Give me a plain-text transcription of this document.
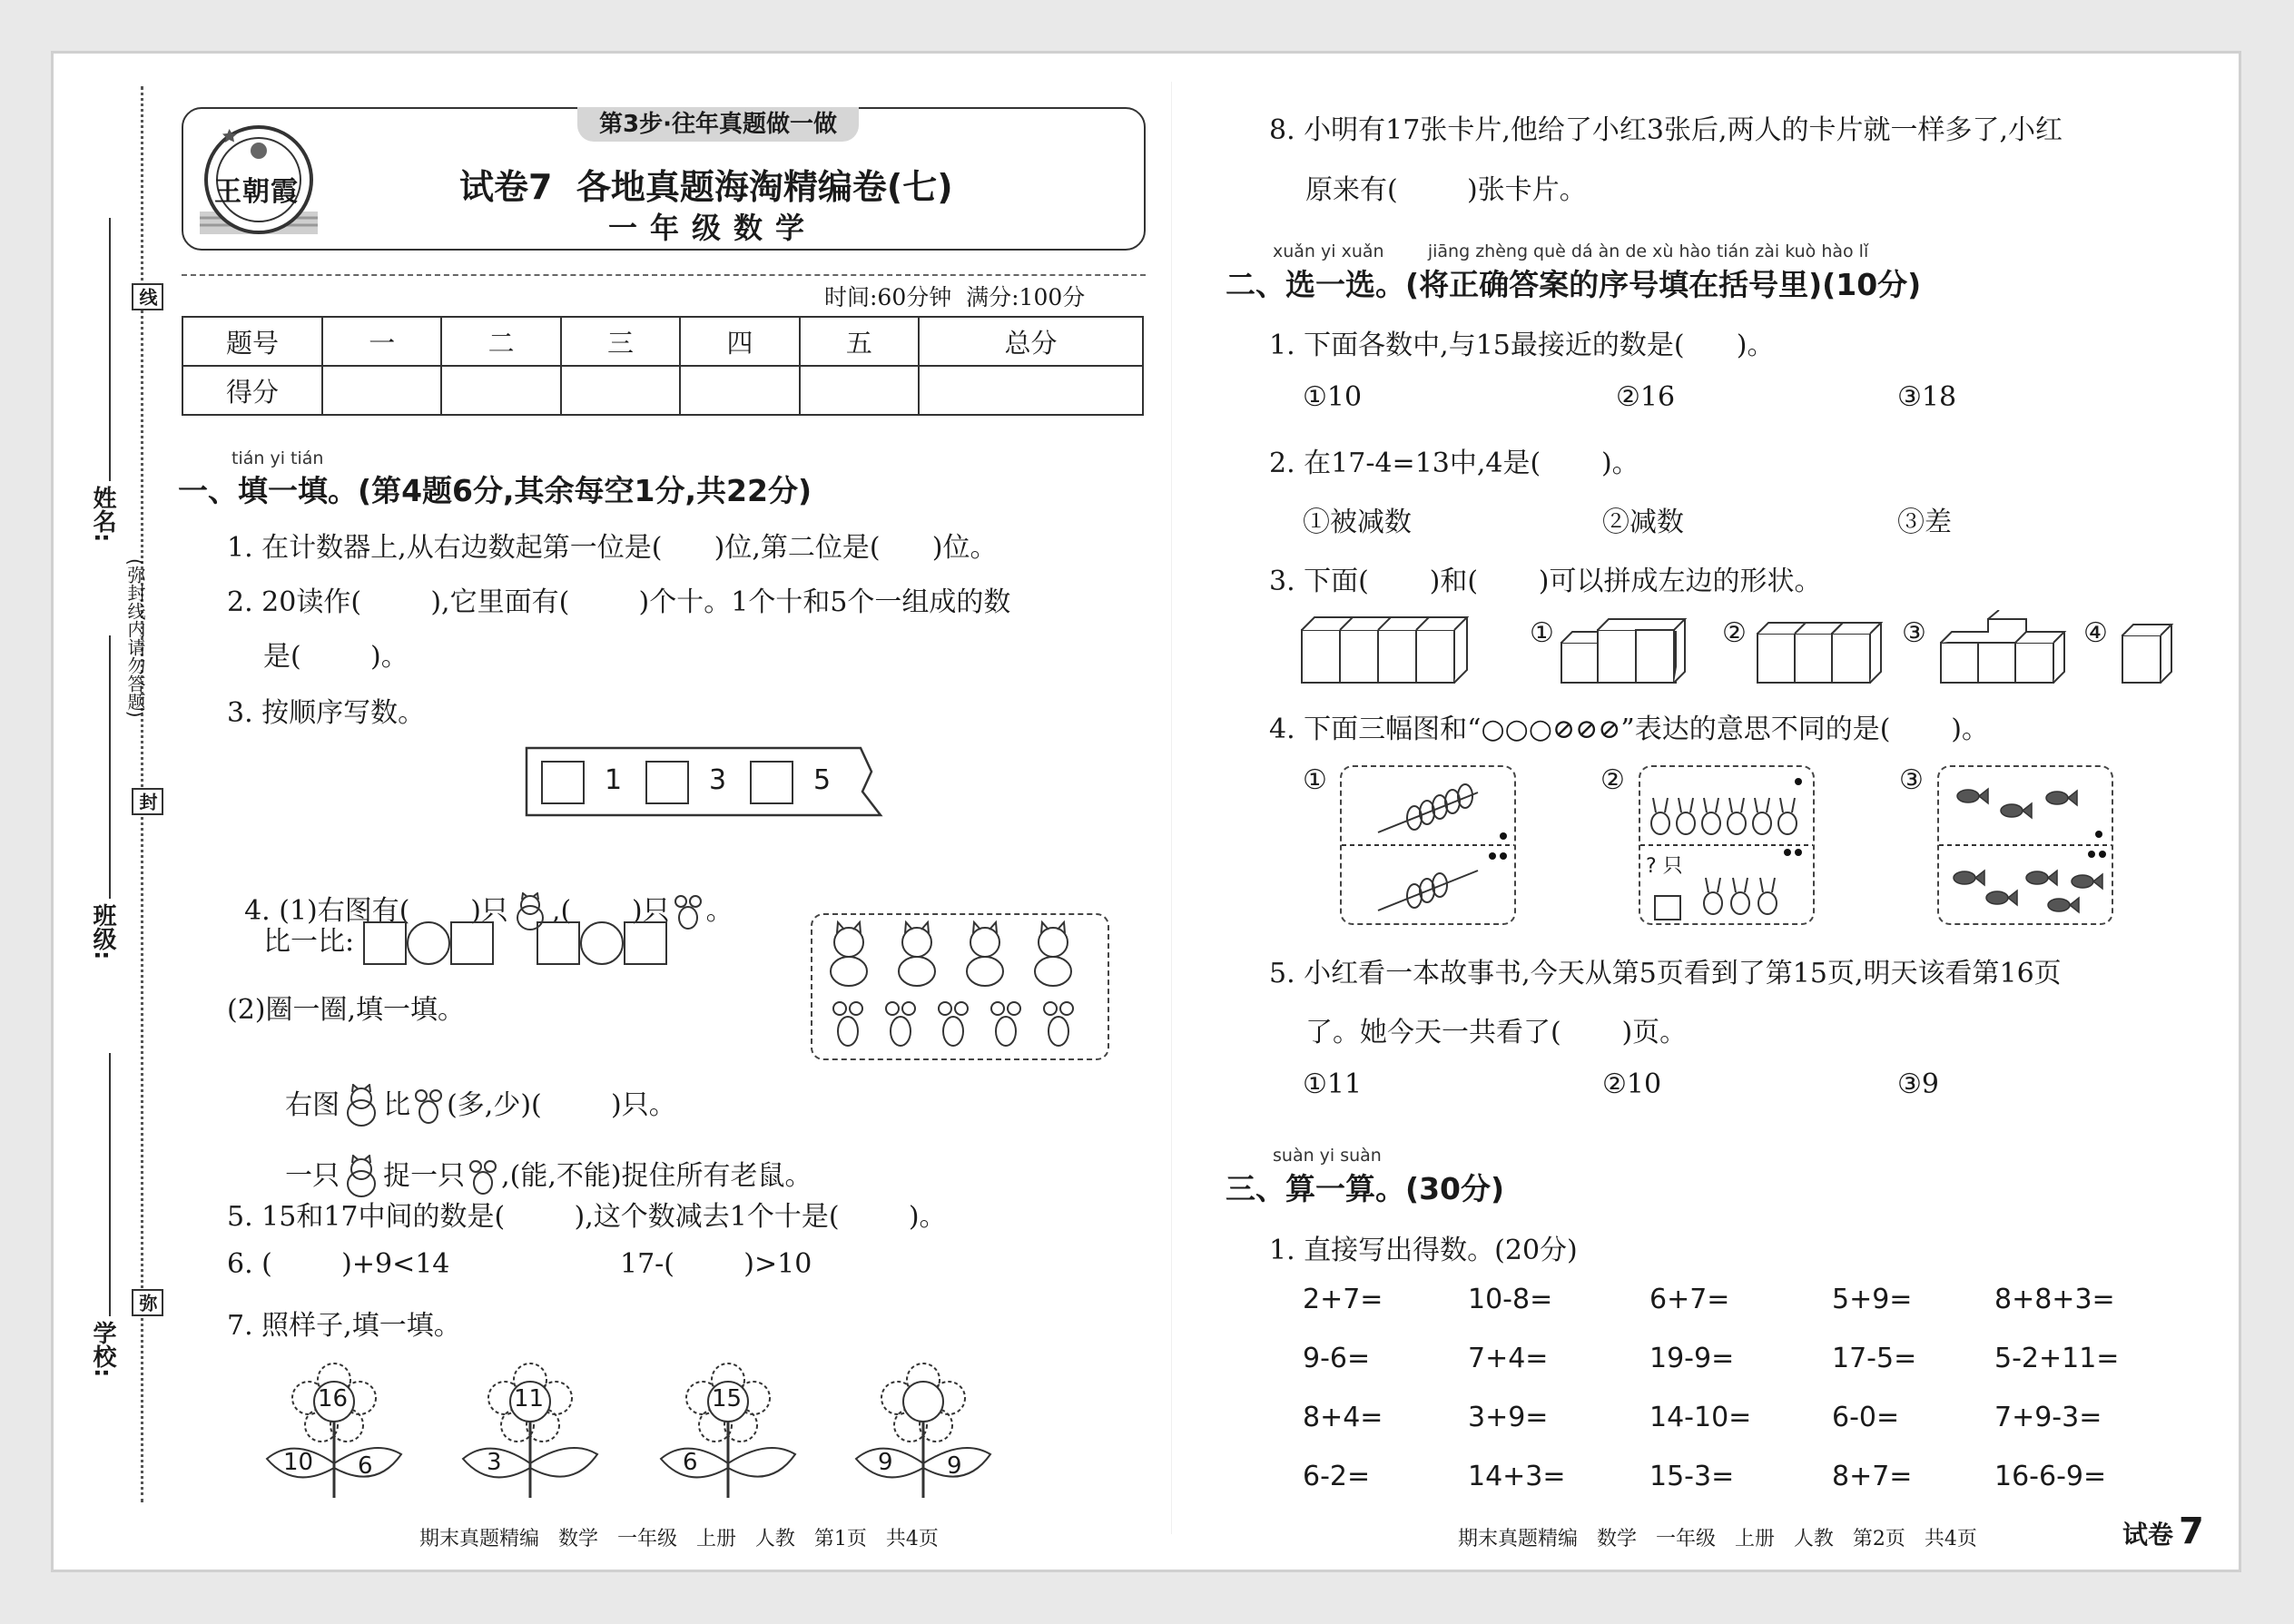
线
封
弥
(弥封线内请勿答题)
姓名:
班级:
学校:
王朝霞
第3步·往年真题做一做
试卷7  各地真题海淘精编卷(七)
一年级数学
时间:60分钟  满分:100分
题号	一	二	三	四	五	总分
得分						
tián yi tián
一、填一填。(第4题6分,其余每空1分,共22分)
1. 在计数器上,从右边数起第一位是(      )位,第二位是(      )位。
2. 20读作(        ),它里面有(        )个十。1个十和5个一组成的数
是(        )。
3. 按顺序写数。
1	3	5

4. (1)右图有(       )只 ,(       )只 。

比一比:
(2)圈一圈,填一填。

右图 比 (多,少)(        )只。

一只 捉一只 ,(能,不能)捉住所有老鼠。

5. 15和17中间的数是(        ),这个数减去1个十是(        )。
6. (        )+9<14	17-(        )>10
7. 照样子,填一填。
16
10 6
11
3
15
6	9 9
8. 小明有17张卡片,他给了小红3张后,两人的卡片就一样多了,小红
原来有(        )张卡片。
xuǎn yi xuǎn        jiāng zhèng què dá àn de xù hào tián zài kuò hào lǐ
二、选一选。(将正确答案的序号填在括号里)(10分)
1. 下面各数中,与15最接近的数是(      )。
①10	②16	③18
2. 在17-4=13中,4是(       )。
①被减数	②减数	③差
3. 下面(       )和(       )可以拼成左边的形状。
①	②	③	④
4. 下面三幅图和“○○○⊘⊘⊘”表达的意思不同的是(       )。
①	②
? 只
③
5. 小红看一本故事书,今天从第5页看到了第15页,明天该看第16页
了。她今天一共看了(       )页。
①11	②10	③9
suàn yi suàn
三、算一算。(30分)
1. 直接写出得数。(20分)
2+7=	10-8=	6+7=	5+9=	8+8+3=
9-6=	7+4=	19-9=	17-5=	5-2+11=
8+4=	3+9=	14-10=	6-0=	7+9-3=
6-2=	14+3=	15-3=	8+7=	16-6-9=
期末真题精编   数学   一年级   上册   人教   第1页   共4页	期末真题精编   数学   一年级   上册   人教   第2页   共4页	试卷 7
